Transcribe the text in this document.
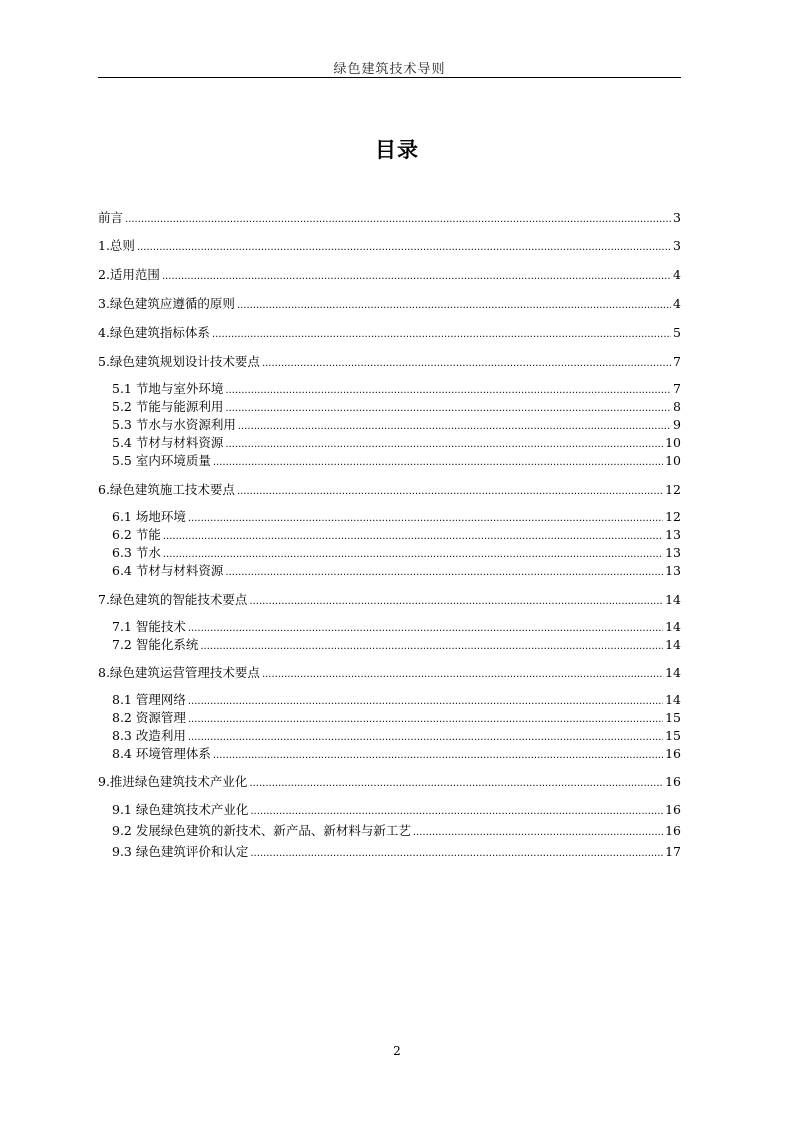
绿色建筑技术导则
目录
前言 .....	3
1.总则 .....	3
2.适用范围 .....	4
3.绿色建筑应遵循的原则 .....	4
4.绿色建筑指标体系 .....	5
5.绿色建筑规划设计技术要点 .....	7
5.1 节地与室外环境 .....	7
5.2 节能与能源利用 .....	8
5.3 节水与水资源利用 .....	9
5.4 节材与材料资源 .....	10
5.5 室内环境质量 .....	10
6.绿色建筑施工技术要点 .....	12
6.1 场地环境 .....	12
6.2 节能 .....	13
6.3 节水 .....	13
6.4 节材与材料资源 .....	13
7.绿色建筑的智能技术要点 .....	14
7.1 智能技术 .....	14
7.2 智能化系统 .....	14
8.绿色建筑运营管理技术要点 .....	14
8.1 管理网络 .....	14
8.2 资源管理 .....	15
8.3 改造利用 .....	15
8.4 环境管理体系 .....	16
9.推进绿色建筑技术产业化 .....	16
9.1 绿色建筑技术产业化 .....	16
9.2 发展绿色建筑的新技术、新产品、新材料与新工艺 .....	16
9.3 绿色建筑评价和认定 .....	17
2
